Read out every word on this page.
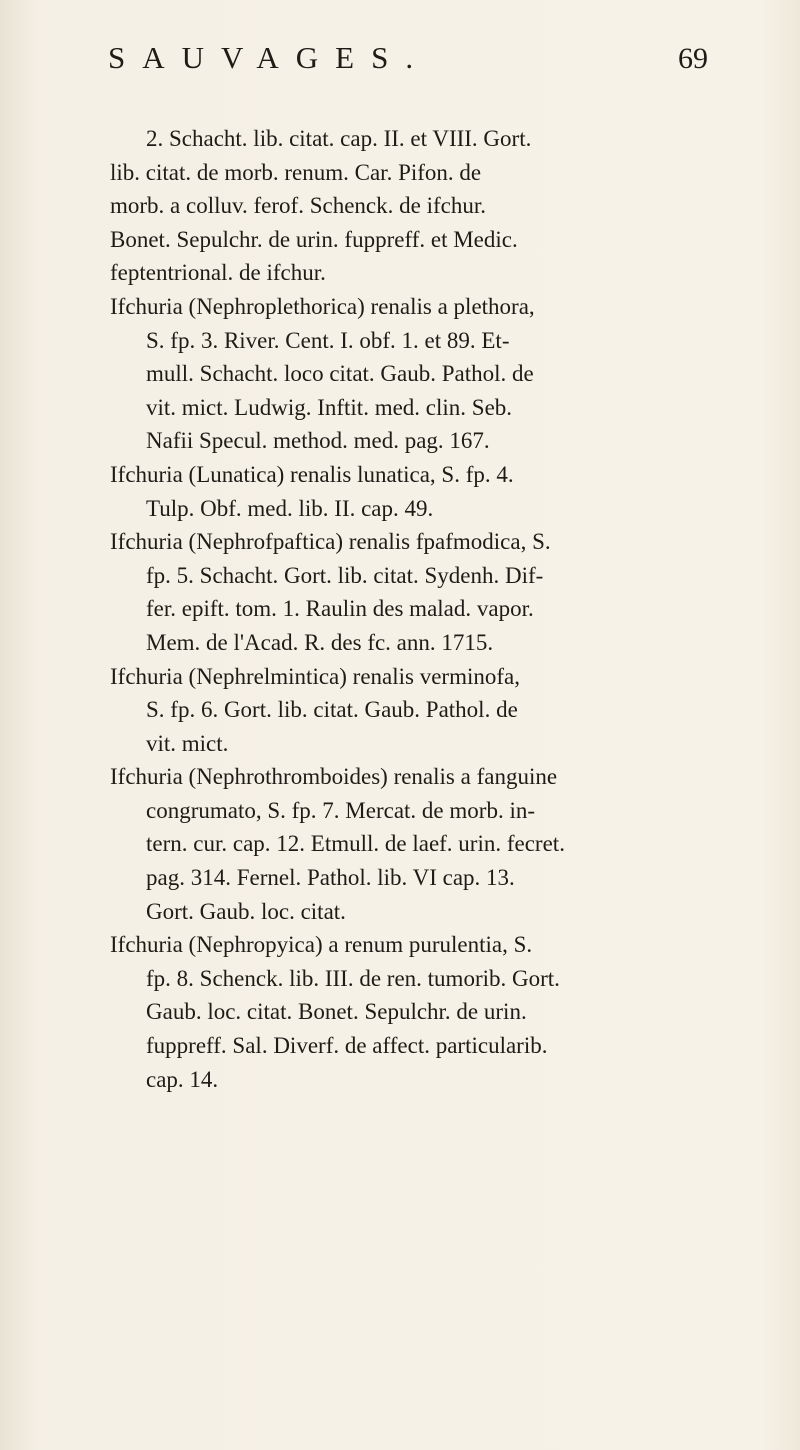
SAUVAGES.	69
2. Schacht. lib. citat. cap. II. et VIII. Gort.
lib. citat. de morb. renum. Car. Pifon. de
morb. a colluv. ferof. Schenck. de ifchur.
Bonet. Sepulchr. de urin. fuppreff. et Medic.
feptentrional. de ifchur.
Ifchuria (Nephroplethorica) renalis a plethora,
S. fp. 3. River. Cent. I. obf. 1. et 89. Et-
mull. Schacht. loco citat. Gaub. Pathol. de
vit. mict. Ludwig. Inftit. med. clin. Seb.
Nafii Specul. method. med. pag. 167.
Ifchuria (Lunatica) renalis lunatica, S. fp. 4.
Tulp. Obf. med. lib. II. cap. 49.
Ifchuria (Nephrofpaftica) renalis fpafmodica, S.
fp. 5. Schacht. Gort. lib. citat. Sydenh. Dif-
fer. epift. tom. 1. Raulin des malad. vapor.
Mem. de l'Acad. R. des fc. ann. 1715.
Ifchuria (Nephrelmintica) renalis verminofa,
S. fp. 6. Gort. lib. citat. Gaub. Pathol. de
vit. mict.
Ifchuria (Nephrothromboides) renalis a fanguine
congrumato, S. fp. 7. Mercat. de morb. in-
tern. cur. cap. 12. Etmull. de laef. urin. fecret.
pag. 314. Fernel. Pathol. lib. VI cap. 13.
Gort. Gaub. loc. citat.
Ifchuria (Nephropyica) a renum purulentia, S.
fp. 8. Schenck. lib. III. de ren. tumorib. Gort.
Gaub. loc. citat. Bonet. Sepulchr. de urin.
fuppreff. Sal. Diverf. de affect. particularib.
cap. 14.
